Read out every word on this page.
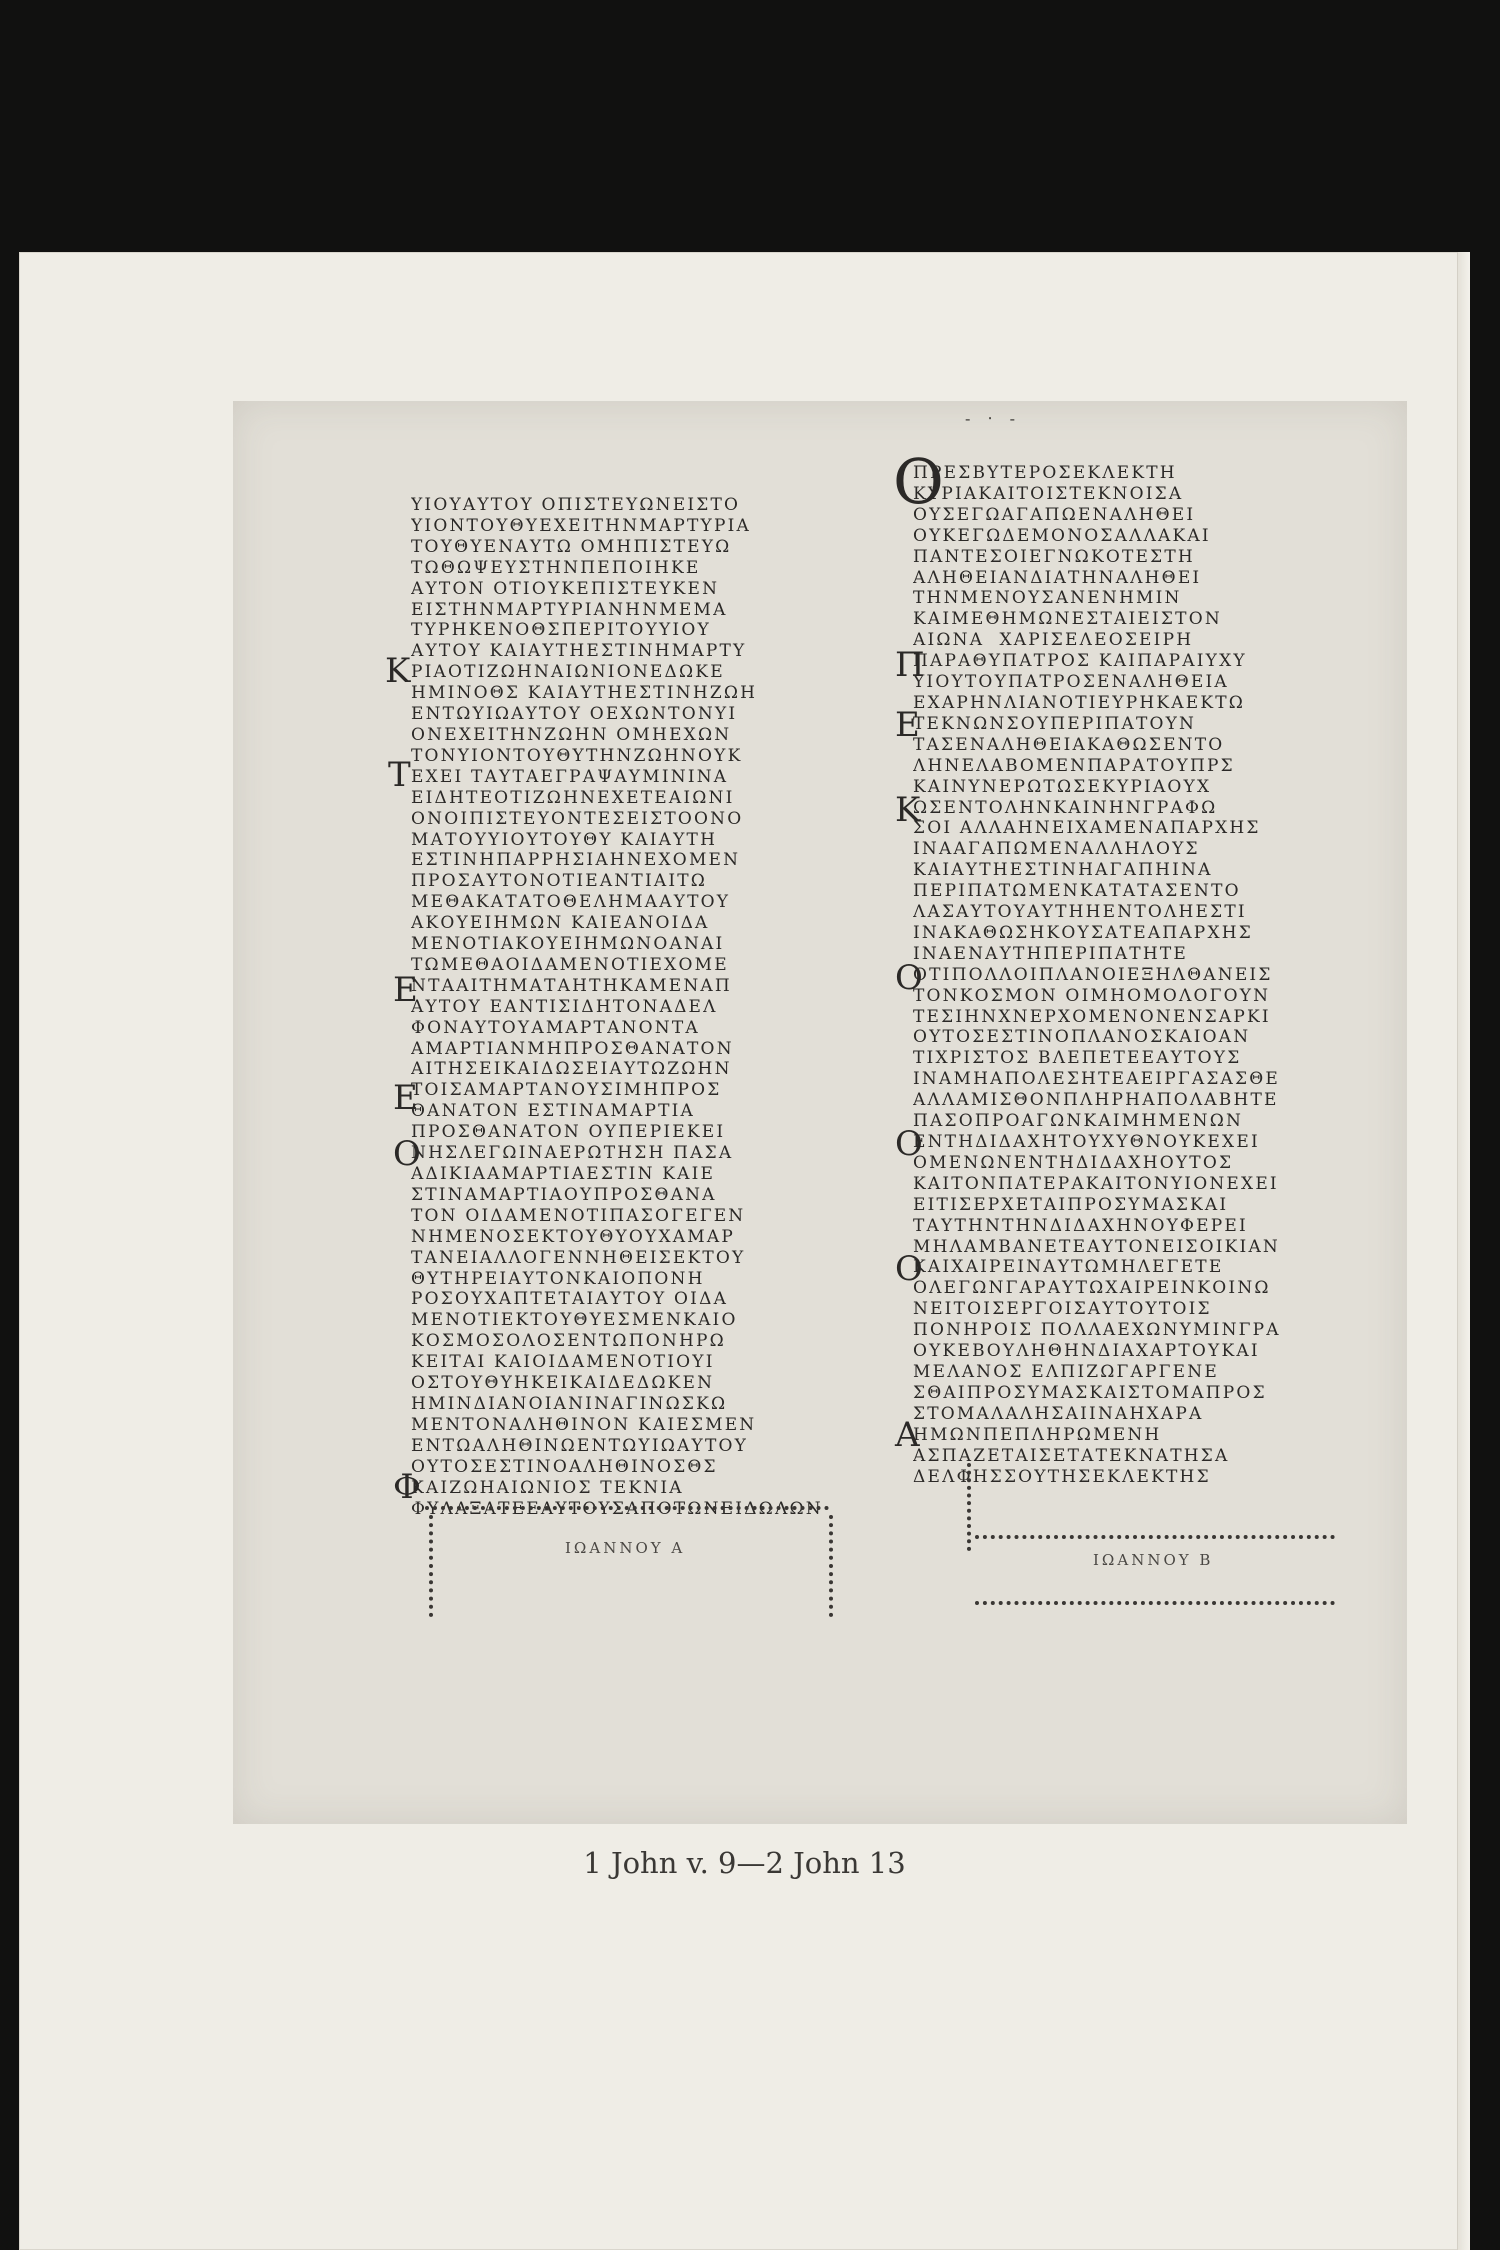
- ‧ -
ΥΙΟΥΑΥΤΟΥ ΟΠΙΣΤΕΥΩΝΕΙΣΤΟ
ΥΙΟΝΤΟΥΘΥΕΧΕΙΤΗΝΜΑΡΤΥΡΙΑ
ΤΟΥΘΥΕΝΑΥΤΩ ΟΜΗΠΙΣΤΕΥΩ
ΤΩΘΩΨΕΥΣΤΗΝΠΕΠΟΙΗΚΕ
ΑΥΤΟΝ ΟΤΙΟΥΚΕΠΙΣΤΕΥΚΕΝ
ΕΙΣΤΗΝΜΑΡΤΥΡΙΑΝΗΝΜΕΜΑ
ΤΥΡΗΚΕΝΟΘΣΠΕΡΙΤΟΥΥΙΟΥ
ΑΥΤΟΥ ΚΑΙΑΥΤΗΕΣΤΙΝΗΜΑΡΤΥ
ΡΙΑΟΤΙΖΩΗΝΑΙΩΝΙΟΝΕΔΩΚΕ
ΗΜΙΝΟΘΣ ΚΑΙΑΥΤΗΕΣΤΙΝΗΖΩΗ
ΕΝΤΩΥΙΩΑΥΤΟΥ ΟΕΧΩΝΤΟΝΥΙ
ΟΝΕΧΕΙΤΗΝΖΩΗΝ ΟΜΗΕΧΩΝ
ΤΟΝΥΙΟΝΤΟΥΘΥΤΗΝΖΩΗΝΟΥΚ
ΕΧΕΙ ΤΑΥΤΑΕΓΡΑΨΑΥΜΙΝΙΝΑ
ΕΙΔΗΤΕΟΤΙΖΩΗΝΕΧΕΤΕΑΙΩΝΙ
ΟΝΟΙΠΙΣΤΕΥΟΝΤΕΣΕΙΣΤΟΟΝΟ
ΜΑΤΟΥΥΙΟΥΤΟΥΘΥ ΚΑΙΑΥΤΗ
ΕΣΤΙΝΗΠΑΡΡΗΣΙΑΗΝΕΧΟΜΕΝ
ΠΡΟΣΑΥΤΟΝΟΤΙΕΑΝΤΙΑΙΤΩ
ΜΕΘΑΚΑΤΑΤΟΘΕΛΗΜΑΑΥΤΟΥ
ΑΚΟΥΕΙΗΜΩΝ ΚΑΙΕΑΝΟΙΔΑ
ΜΕΝΟΤΙΑΚΟΥΕΙΗΜΩΝΟΑΝΑΙ
ΤΩΜΕΘΑΟΙΔΑΜΕΝΟΤΙΕΧΟΜΕ
ΝΤΑΑΙΤΗΜΑΤΑΗΤΗΚΑΜΕΝΑΠ
ΑΥΤΟΥ ΕΑΝΤΙΣΙΔΗΤΟΝΑΔΕΛ
ΦΟΝΑΥΤΟΥΑΜΑΡΤΑΝΟΝΤΑ
ΑΜΑΡΤΙΑΝΜΗΠΡΟΣΘΑΝΑΤΟΝ
ΑΙΤΗΣΕΙΚΑΙΔΩΣΕΙΑΥΤΩΖΩΗΝ
ΤΟΙΣΑΜΑΡΤΑΝΟΥΣΙΜΗΠΡΟΣ
ΘΑΝΑΤΟΝ ΕΣΤΙΝΑΜΑΡΤΙΑ
ΠΡΟΣΘΑΝΑΤΟΝ ΟΥΠΕΡΙΕΚΕΙ
ΝΗΣΛΕΓΩΙΝΑΕΡΩΤΗΣΗ ΠΑΣΑ
ΑΔΙΚΙΑΑΜΑΡΤΙΑΕΣΤΙΝ ΚΑΙΕ
ΣΤΙΝΑΜΑΡΤΙΑΟΥΠΡΟΣΘΑΝΑ
ΤΟΝ ΟΙΔΑΜΕΝΟΤΙΠΑΣΟΓΕΓΕΝ
ΝΗΜΕΝΟΣΕΚΤΟΥΘΥΟΥΧΑΜΑΡ
ΤΑΝΕΙΑΛΛΟΓΕΝΝΗΘΕΙΣΕΚΤΟΥ
ΘΥΤΗΡΕΙΑΥΤΟΝΚΑΙΟΠΟΝΗ
ΡΟΣΟΥΧΑΠΤΕΤΑΙΑΥΤΟΥ ΟΙΔΑ
ΜΕΝΟΤΙΕΚΤΟΥΘΥΕΣΜΕΝΚΑΙΟ
ΚΟΣΜΟΣΟΛΟΣΕΝΤΩΠΟΝΗΡΩ
ΚΕΙΤΑΙ ΚΑΙΟΙΔΑΜΕΝΟΤΙΟΥΙ
ΟΣΤΟΥΘΥΗΚΕΙΚΑΙΔΕΔΩΚΕΝ
ΗΜΙΝΔΙΑΝΟΙΑΝΙΝΑΓΙΝΩΣΚΩ
ΜΕΝΤΟΝΑΛΗΘΙΝΟΝ ΚΑΙΕΣΜΕΝ
ΕΝΤΩΑΛΗΘΙΝΩΕΝΤΩΥΙΩΑΥΤΟΥ
ΟΥΤΟΣΕΣΤΙΝΟΑΛΗΘΙΝΟΣΘΣ
ΚΑΙΖΩΗΑΙΩΝΙΟΣ ΤΕΚΝΙΑ
ΦΥΛΑΞΑΤΕΕΑΥΤΟΥΣΑΠΟΤΩΝΕΙΔΩΛΩΝ
Κ
Τ
Ε
Ε
Ο
Φ
ΙΩΑΝΝΟΥ Α
ΠΡΕΣΒΥΤΕΡΟΣΕΚΛΕΚΤΗ
ΚΥΡΙΑΚΑΙΤΟΙΣΤΕΚΝΟΙΣΑ
ΟΥΣΕΓΩΑΓΑΠΩΕΝΑΛΗΘΕΙ
ΟΥΚΕΓΩΔΕΜΟΝΟΣΑΛΛΑΚΑΙ
ΠΑΝΤΕΣΟΙΕΓΝΩΚΟΤΕΣΤΗ
ΑΛΗΘΕΙΑΝΔΙΑΤΗΝΑΛΗΘΕΙ
ΤΗΝΜΕΝΟΥΣΑΝΕΝΗΜΙΝ
ΚΑΙΜΕΘΗΜΩΝΕΣΤΑΙΕΙΣΤΟΝ
ΑΙΩΝΑ  ΧΑΡΙΣΕΛΕΟΣΕΙΡΗ
ΠΑΡΑΘΥΠΑΤΡΟΣ ΚΑΙΠΑΡΑΙΥΧΥ
ΥΙΟΥΤΟΥΠΑΤΡΟΣΕΝΑΛΗΘΕΙΑ
ΕΧΑΡΗΝΛΙΑΝΟΤΙΕΥΡΗΚΑΕΚΤΩ
ΤΕΚΝΩΝΣΟΥΠΕΡΙΠΑΤΟΥΝ
ΤΑΣΕΝΑΛΗΘΕΙΑΚΑΘΩΣΕΝΤΟ
ΛΗΝΕΛΑΒΟΜΕΝΠΑΡΑΤΟΥΠΡΣ
ΚΑΙΝΥΝΕΡΩΤΩΣΕΚΥΡΙΑΟΥΧ
ΩΣΕΝΤΟΛΗΝΚΑΙΝΗΝΓΡΑΦΩ
ΣΟΙ ΑΛΛΑΗΝΕΙΧΑΜΕΝΑΠΑΡΧΗΣ
ΙΝΑΑΓΑΠΩΜΕΝΑΛΛΗΛΟΥΣ
ΚΑΙΑΥΤΗΕΣΤΙΝΗΑΓΑΠΗΙΝΑ
ΠΕΡΙΠΑΤΩΜΕΝΚΑΤΑΤΑΣΕΝΤΟ
ΛΑΣΑΥΤΟΥΑΥΤΗΗΕΝΤΟΛΗΕΣΤΙ
ΙΝΑΚΑΘΩΣΗΚΟΥΣΑΤΕΑΠΑΡΧΗΣ
ΙΝΑΕΝΑΥΤΗΠΕΡΙΠΑΤΗΤΕ
ΟΤΙΠΟΛΛΟΙΠΛΑΝΟΙΕΞΗΛΘΑΝΕΙΣ
ΤΟΝΚΟΣΜΟΝ ΟΙΜΗΟΜΟΛΟΓΟΥΝ
ΤΕΣΙΗΝΧΝΕΡΧΟΜΕΝΟΝΕΝΣΑΡΚΙ
ΟΥΤΟΣΕΣΤΙΝΟΠΛΑΝΟΣΚΑΙΟΑΝ
ΤΙΧΡΙΣΤΟΣ ΒΛΕΠΕΤΕΕΑΥΤΟΥΣ
ΙΝΑΜΗΑΠΟΛΕΣΗΤΕΑΕΙΡΓΑΣΑΣΘΕ
ΑΛΛΑΜΙΣΘΟΝΠΛΗΡΗΑΠΟΛΑΒΗΤΕ
ΠΑΣΟΠΡΟΑΓΩΝΚΑΙΜΗΜΕΝΩΝ
ΕΝΤΗΔΙΔΑΧΗΤΟΥΧΥΘΝΟΥΚΕΧΕΙ
ΟΜΕΝΩΝΕΝΤΗΔΙΔΑΧΗΟΥΤΟΣ
ΚΑΙΤΟΝΠΑΤΕΡΑΚΑΙΤΟΝΥΙΟΝΕΧΕΙ
ΕΙΤΙΣΕΡΧΕΤΑΙΠΡΟΣΥΜΑΣΚΑΙ
ΤΑΥΤΗΝΤΗΝΔΙΔΑΧΗΝΟΥΦΕΡΕΙ
ΜΗΛΑΜΒΑΝΕΤΕΑΥΤΟΝΕΙΣΟΙΚΙΑΝ
ΚΑΙΧΑΙΡΕΙΝΑΥΤΩΜΗΛΕΓΕΤΕ
ΟΛΕΓΩΝΓΑΡΑΥΤΩΧΑΙΡΕΙΝΚΟΙΝΩ
ΝΕΙΤΟΙΣΕΡΓΟΙΣΑΥΤΟΥΤΟΙΣ
ΠΟΝΗΡΟΙΣ ΠΟΛΛΑΕΧΩΝΥΜΙΝΓΡΑ
ΟΥΚΕΒΟΥΛΗΘΗΝΔΙΑΧΑΡΤΟΥΚΑΙ
ΜΕΛΑΝΟΣ ΕΛΠΙΖΩΓΑΡΓΕΝΕ
ΣΘΑΙΠΡΟΣΥΜΑΣΚΑΙΣΤΟΜΑΠΡΟΣ
ΣΤΟΜΑΛΑΛΗΣΑΙΙΝΑΗΧΑΡΑ
ΗΜΩΝΠΕΠΛΗΡΩΜΕΝΗ
ΑΣΠΑΖΕΤΑΙΣΕΤΑΤΕΚΝΑΤΗΣΑ
ΔΕΛΦΗΣΣΟΥΤΗΣΕΚΛΕΚΤΗΣ
Ο
Π
Ε
Κ
Ο
Ο
Ο
Α
ΙΩΑΝΝΟΥ Β
1 John v. 9—2 John 13
